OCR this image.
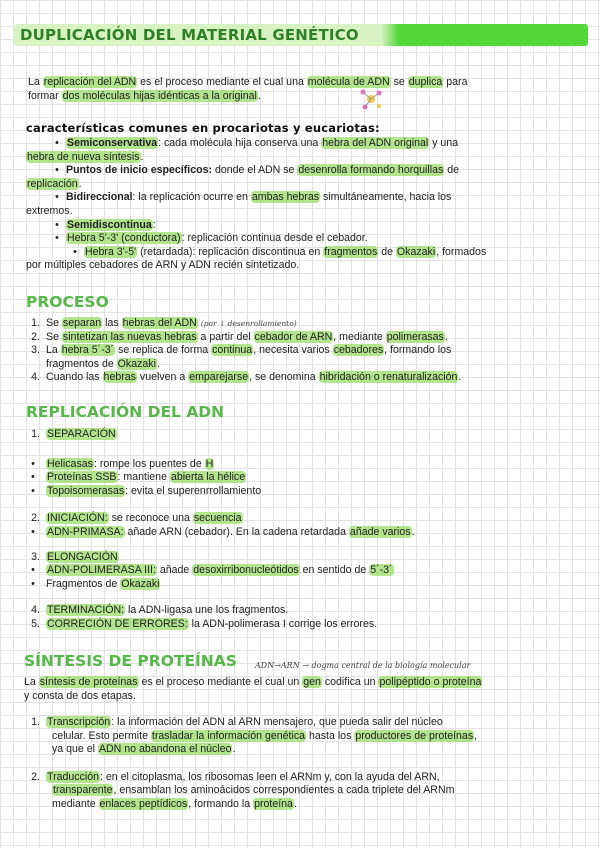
DUPLICACIÓN DEL MATERIAL GENÉTICO
La replicación del ADN es el proceso mediante el cual una molécula de ADN se duplica para
formar dos moléculas hijas idénticas a la original.
características comunes en procariotas y eucariotas:
• Semiconservativa: cada molécula hija conserva una hebra del ADN original y una
hebra de nueva síntesis.
• Puntos de inicio específicos: donde el ADN se desenrolla formando horquillas de
replicación.
• Bidireccional: la replicación ocurre en ambas hebras simultáneamente, hacia los
extremos.
• Semidiscontinua:
• Hebra 5'-3' (conductora): replicación continua desde el cebador.
• Hebra 3'-5' (retardada): replicación discontinua en fragmentos de Okazaki, formados
por múltiples cebadores de ARN y ADN recién sintetizado.
PROCESO
1. Se separan las hebras del ADN (por ↓ desenrollamiento)
2. Se sintetizan las nuevas hebras a partir del cebador de ARN, mediante polimerasas.
3. La hebra 5´-3´ se replica de forma continua, necesita varios cebadores, formando los
fragmentos de Okazaki.
4. Cuando las hebras vuelven a emparejarse, se denomina hibridación o renaturalización.
REPLICACIÓN DEL ADN
1. SEPARACIÓN
• Helicasas: rompe los puentes de H
• Proteínas SSB: mantiene abierta la hélice
• Topoisomerasas: evita el superenrrollamiento
2. INICIACIÓN: se reconoce una secuencia
• ADN-PRIMASA: añade ARN (cebador). En la cadena retardada añade varios.
3. ELONGACIÓN
• ADN-POLIMERASA III: añade desoxirribonucleótidos en sentido de 5´-3´
• Fragmentos de Okazaki
4. TERMINACIÓN: la ADN-ligasa une los fragmentos.
5. CORRECIÓN DE ERRORES: la ADN-polimerasa I corrige los errores.
SÍNTESIS DE PROTEÍNAS ADN→ARN → dogma central de la biología molecular
La síntesis de proteínas es el proceso mediante el cual un gen codifica un polipéptido o proteína
y consta de dos etapas.
1. Transcripción: la información del ADN al ARN mensajero, que pueda salir del núcleo
celular. Esto permite trasladar la información genética hasta los productores de proteínas,
ya que el ADN no abandona el núcleo.
2. Traducción: en el citoplasma, los ribosomas leen el ARNm y, con la ayuda del ARN,
transparente, ensamblan los aminoácidos correspondientes a cada triplete del ARNm
mediante enlaces peptídicos, formando la proteína.
